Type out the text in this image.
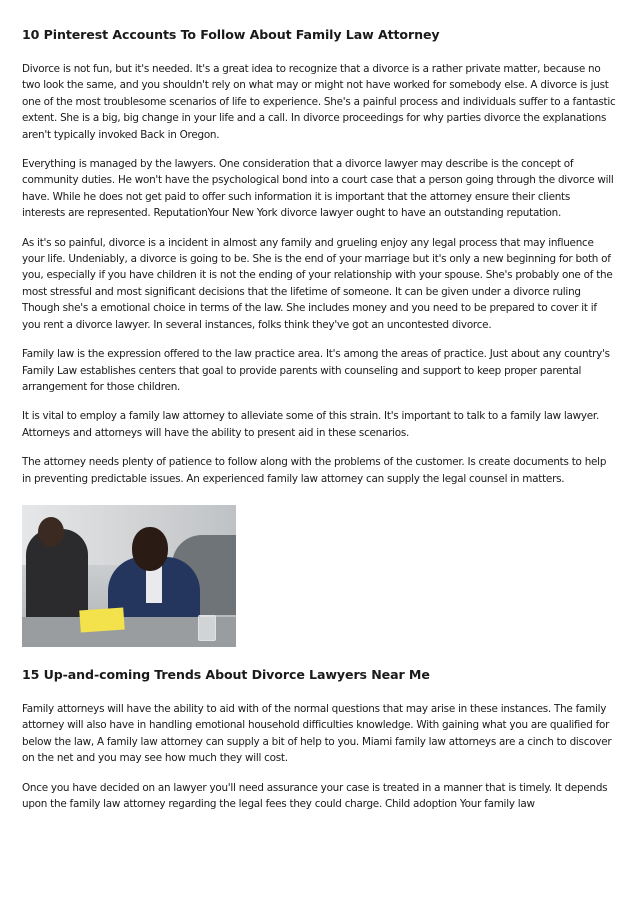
10 Pinterest Accounts To Follow About Family Law Attorney

Divorce is not fun, but it's needed. It's a great idea to recognize that a divorce is a rather private matter, because no two look the same, and you shouldn't rely on what may or might not have worked for somebody else. A divorce is just one of the most troublesome scenarios of life to experience. She's a painful process and individuals suffer to a fantastic extent. She is a big, big change in your life and a call. In divorce proceedings for why parties divorce the explanations aren't typically invoked Back in Oregon.

Everything is managed by the lawyers. One consideration that a divorce lawyer may describe is the concept of community duties. He won't have the psychological bond into a court case that a person going through the divorce will have. While he does not get paid to offer such information it is important that the attorney ensure their clients interests are represented. ReputationYour New York divorce lawyer ought to have an outstanding reputation.

As it's so painful, divorce is a incident in almost any family and grueling enjoy any legal process that may influence your life. Undeniably, a divorce is going to be. She is the end of your marriage but it's only a new beginning for both of you, especially if you have children it is not the ending of your relationship with your spouse. She's probably one of the most stressful and most significant decisions that the lifetime of someone. It can be given under a divorce ruling Though she's a emotional choice in terms of the law. She includes money and you need to be prepared to cover it if you rent a divorce lawyer. In several instances, folks think they've got an uncontested divorce.

Family law is the expression offered to the law practice area. It's among the areas of practice. Just about any country's Family Law establishes centers that goal to provide parents with counseling and support to keep proper parental arrangement for those children.

It is vital to employ a family law attorney to alleviate some of this strain. It's important to talk to a family law lawyer. Attorneys and attorneys will have the ability to present aid in these scenarios.

The attorney needs plenty of patience to follow along with the problems of the customer. Is create documents to help in preventing predictable issues. An experienced family law attorney can supply the legal counsel in matters.

15 Up-and-coming Trends About Divorce Lawyers Near Me

Family attorneys will have the ability to aid with of the normal questions that may arise in these instances. The family attorney will also have in handling emotional household difficulties knowledge. With gaining what you are qualified for below the law, A family law attorney can supply a bit of help to you. Miami family law attorneys are a cinch to discover on the net and you may see how much they will cost.

Once you have decided on an lawyer you'll need assurance your case is treated in a manner that is timely. It depends upon the family law attorney regarding the legal fees they could charge. Child adoption Your family law
